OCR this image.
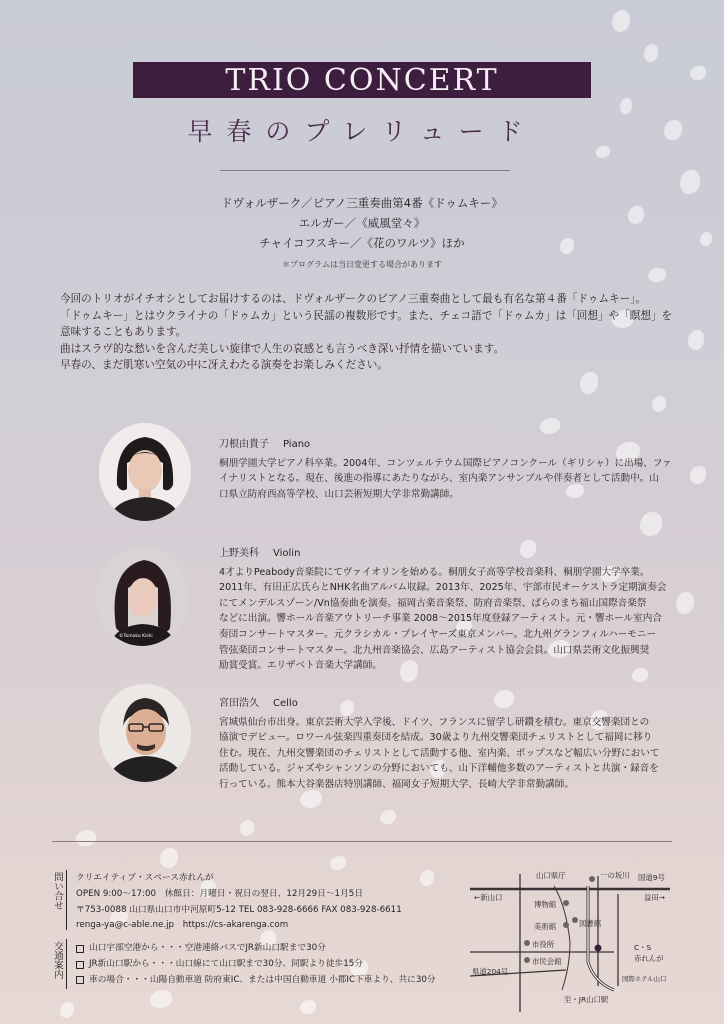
TRIO CONCERT
早春のプレリュード
ドヴォルザーク／ピアノ三重奏曲第4番《ドゥムキー》
エルガー／《威風堂々》
チャイコフスキー／《花のワルツ》ほか
＊プログラムは当日変更する場合があります

今回のトリオがイチオシとしてお届けするのは、ドヴォルザークのピアノ三重奏曲として最も有名な第４番「ドゥムキー」。

「ドゥムキー」とはウクライナの「ドゥムカ」という民謡の複数形です。また、チェコ語で「ドゥムカ」は「回想」や「瞑想」を

意味することもあります。

曲はスラヴ的な愁いを含んだ美しい旋律で人生の哀感とも言うべき深い抒情を描いています。

早春の、まだ肌寒い空気の中に冴えわたる演奏をお楽しみください。

刀根由貴子 Piano
桐朋学園大学ピアノ科卒業。2004年、コンツェルテウム国際ピアノコンクール（ギリシャ）に出場、ファ
イナリストとなる。現在、後進の指導にあたりながら、室内楽アンサンブルや伴奏者として活動中。山
口県立防府西高等学校、山口芸術短期大学非常勤講師。
©Tomoko Kishi
上野美科 Violin
4才よりPeabody音楽院にてヴァイオリンを始める。桐朋女子高等学校音楽科、桐朋学園大学卒業。
2011年、有田正広氏らとNHK名曲アルバム収録。2013年、2025年、宇部市民オーケストラ定期演奏会
にてメンデルスゾーン/Vn協奏曲を演奏。福岡古楽音楽祭、防府音楽祭、ばらのまち福山国際音楽祭
などに出演。響ホール音楽アウトリーチ事業 2008〜2015年度登録アーティスト。元・響ホール室内合
奏団コンサートマスター。元クラシカル・プレイヤーズ東京メンバー。北九州グランフィルハーモニー
管弦楽団コンサートマスター。北九州音楽協会、広島アーティスト協会会員。山口県芸術文化振興奨
励賞受賞。エリザベト音楽大学講師。
宮田浩久 Cello
宮城県仙台市出身。東京芸術大学入学後、ドイツ、フランスに留学し研鑽を積む。東京交響楽団との
協演でデビュー。ロワール弦楽四重奏団を結成。30歳より九州交響楽団チェリストとして福岡に移り
住む。現在、九州交響楽団のチェリストとして活動する他、室内楽、ポップスなど幅広い分野において
活動している。ジャズやシャンソンの分野においても、山下洋輔他多数のアーティストと共演・録音を
行っている。熊本大谷楽器店特別講師、福岡女子短期大学、長崎大学非常勤講師。
問い合せ クリエイティブ・スペース赤れんが
OPEN 9:00〜17:00　休館日：月曜日・祝日の翌日、12月29日〜1月5日
〒753-0088 山口県山口市中河原町5-12 TEL 083-928-6666 FAX 083-928-6611
renga-ya@c-able.ne.jp　https://cs-akarenga.com
交通案内	山口宇部空港から・・・空港連絡バスでJR新山口駅まで30分
JR新山口駅から・・・山口線にて山口駅まで30分、同駅より徒歩15分
車の場合・・・山陽自動車道 防府東IC、または中国自動車道 小郡IC下車より、共に30分
山口県庁	一の坂川 国道9号
←新山口	益田→
博物館
美術館	図書館
市役所
市民会館
C・S
赤れんが
国際ホテル山口
県道204号
至・JR山口駅
